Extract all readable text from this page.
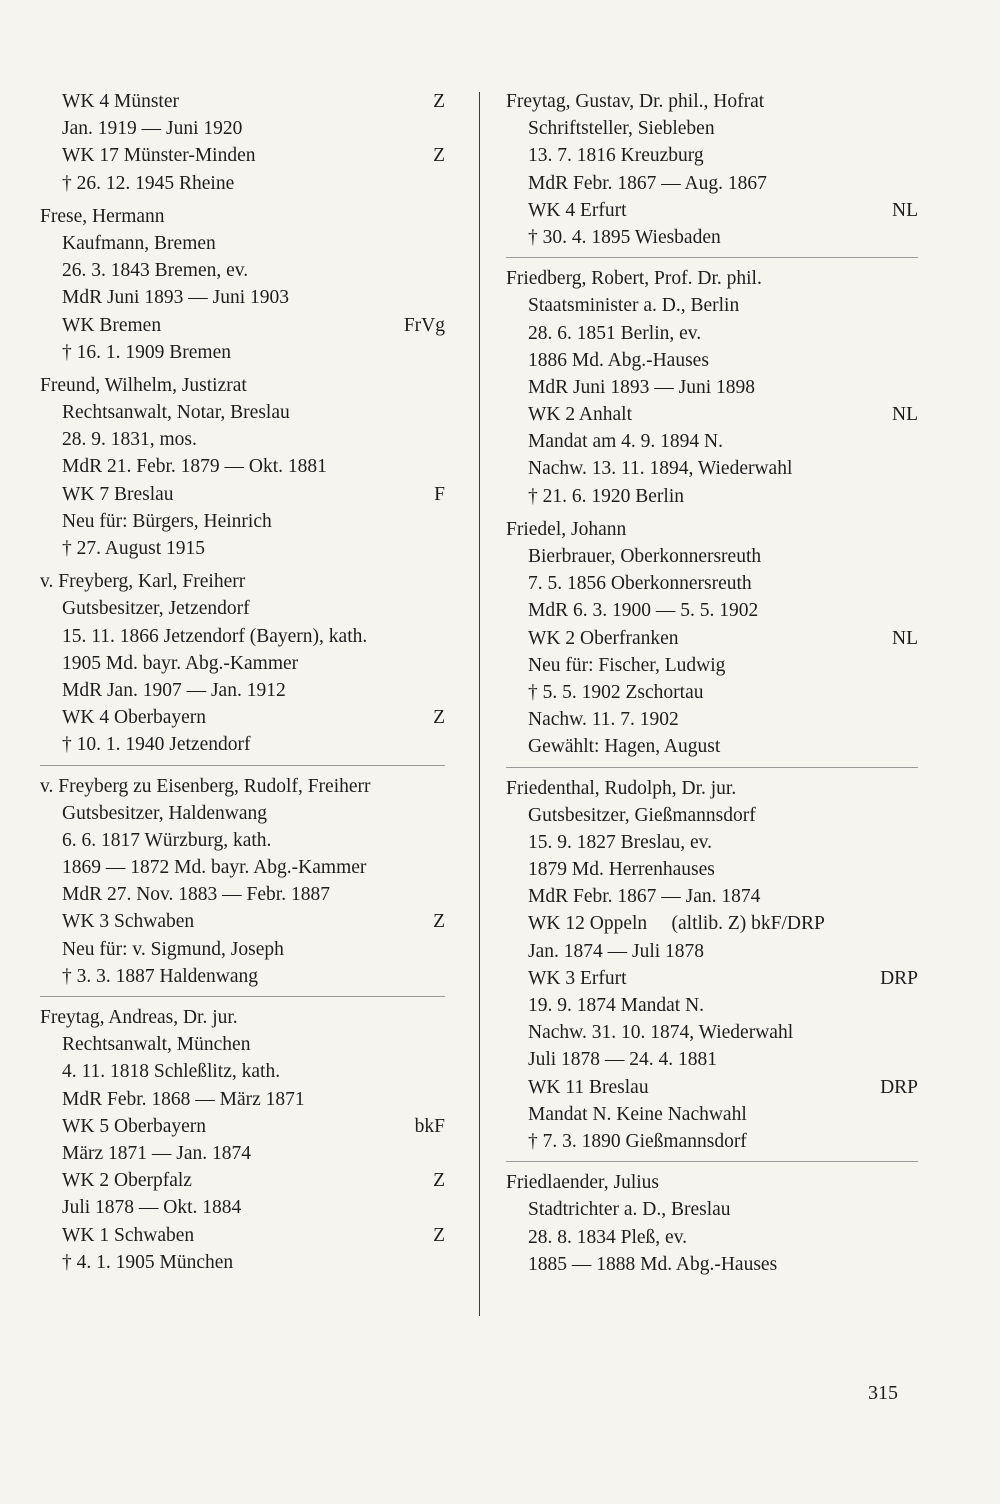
WK 4 Münster	Z
Jan. 1919 — Juni 1920
WK 17 Münster-Minden	Z
† 26. 12. 1945 Rheine
Frese, Hermann
Kaufmann, Bremen
26. 3. 1843 Bremen, ev.
MdR Juni 1893 — Juni 1903
WK Bremen	FrVg
† 16. 1. 1909 Bremen
Freund, Wilhelm, Justizrat
Rechtsanwalt, Notar, Breslau
28. 9. 1831, mos.
MdR 21. Febr. 1879 — Okt. 1881
WK 7 Breslau	F
Neu für: Bürgers, Heinrich
† 27. August 1915
v. Freyberg, Karl, Freiherr
Gutsbesitzer, Jetzendorf
15. 11. 1866 Jetzendorf (Bayern), kath.
1905 Md. bayr. Abg.-Kammer
MdR Jan. 1907 — Jan. 1912
WK 4 Oberbayern	Z
† 10. 1. 1940 Jetzendorf
v. Freyberg zu Eisenberg, Rudolf, Freiherr
Gutsbesitzer, Haldenwang
6. 6. 1817 Würzburg, kath.
1869 — 1872 Md. bayr. Abg.-Kammer
MdR 27. Nov. 1883 — Febr. 1887
WK 3 Schwaben	Z
Neu für: v. Sigmund, Joseph
† 3. 3. 1887 Haldenwang
Freytag, Andreas, Dr. jur.
Rechtsanwalt, München
4. 11. 1818 Schleßlitz, kath.
MdR Febr. 1868 — März 1871
WK 5 Oberbayern	bkF
März 1871 — Jan. 1874
WK 2 Oberpfalz	Z
Juli 1878 — Okt. 1884
WK 1 Schwaben	Z
† 4. 1. 1905 München
Freytag, Gustav, Dr. phil., Hofrat
Schriftsteller, Siebleben
13. 7. 1816 Kreuzburg
MdR Febr. 1867 — Aug. 1867
WK 4 Erfurt	NL
† 30. 4. 1895 Wiesbaden
Friedberg, Robert, Prof. Dr. phil.
Staatsminister a. D., Berlin
28. 6. 1851 Berlin, ev.
1886 Md. Abg.-Hauses
MdR Juni 1893 — Juni 1898
WK 2 Anhalt	NL
Mandat am 4. 9. 1894 N.
Nachw. 13. 11. 1894, Wiederwahl
† 21. 6. 1920 Berlin
Friedel, Johann
Bierbrauer, Oberkonnersreuth
7. 5. 1856 Oberkonnersreuth
MdR 6. 3. 1900 — 5. 5. 1902
WK 2 Oberfranken	NL
Neu für: Fischer, Ludwig
† 5. 5. 1902 Zschortau
Nachw. 11. 7. 1902
Gewählt: Hagen, August
Friedenthal, Rudolph, Dr. jur.
Gutsbesitzer, Gießmannsdorf
15. 9. 1827 Breslau, ev.
1879 Md. Herrenhauses
MdR Febr. 1867 — Jan. 1874
WK 12 Oppeln     (altlib. Z) bkF/DRP
Jan. 1874 — Juli 1878
WK 3 Erfurt	DRP
19. 9. 1874 Mandat N.
Nachw. 31. 10. 1874, Wiederwahl
Juli 1878 — 24. 4. 1881
WK 11 Breslau	DRP
Mandat N. Keine Nachwahl
† 7. 3. 1890 Gießmannsdorf
Friedlaender, Julius
Stadtrichter a. D., Breslau
28. 8. 1834 Pleß, ev.
1885 — 1888 Md. Abg.-Hauses
315
